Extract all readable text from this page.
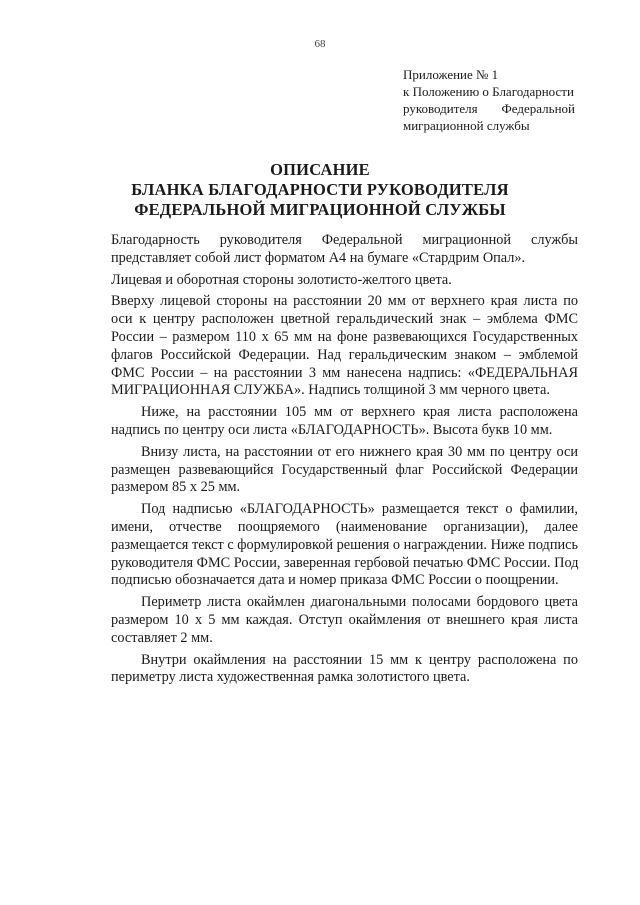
68
Приложение № 1
к Положению о Благодарности
руководителя Федеральной
миграционной службы
ОПИСАНИЕ
БЛАНКА БЛАГОДАРНОСТИ РУКОВОДИТЕЛЯ
ФЕДЕРАЛЬНОЙ МИГРАЦИОННОЙ СЛУЖБЫ
Благодарность руководителя Федеральной миграционной службы
представляет собой лист форматом А4 на бумаге «Стардрим Опал».
Лицевая и оборотная стороны золотисто-желтого цвета.
Вверху лицевой стороны на расстоянии 20 мм от верхнего края листа по
оси к центру расположен цветной геральдический знак – эмблема ФМС
России – размером 110 х 65 мм на фоне развевающихся Государственных
флагов Российской Федерации. Над геральдическим знаком – эмблемой
ФМС России – на расстоянии 3 мм нанесена надпись: «ФЕДЕРАЛЬНАЯ
МИГРАЦИОННАЯ СЛУЖБА». Надпись толщиной 3 мм черного цвета.
Ниже, на расстоянии 105 мм от верхнего края листа расположена
надпись по центру оси листа «БЛАГОДАРНОСТЬ». Высота букв 10 мм.
Внизу листа, на расстоянии от его нижнего края 30 мм по центру оси
размещен развевающийся Государственный флаг Российской Федерации
размером 85 х 25 мм.
Под надписью «БЛАГОДАРНОСТЬ» размещается текст о фамилии,
имени, отчестве поощряемого (наименование организации), далее
размещается текст с формулировкой решения о награждении. Ниже подпись
руководителя ФМС России, заверенная гербовой печатью ФМС России. Под
подписью обозначается дата и номер приказа ФМС России о поощрении.
Периметр листа окаймлен диагональными полосами бордового цвета
размером 10 х 5 мм каждая. Отступ окаймления от внешнего края листа
составляет 2 мм.
Внутри окаймления на расстоянии 15 мм к центру расположена по
периметру листа художественная рамка золотистого цвета.
